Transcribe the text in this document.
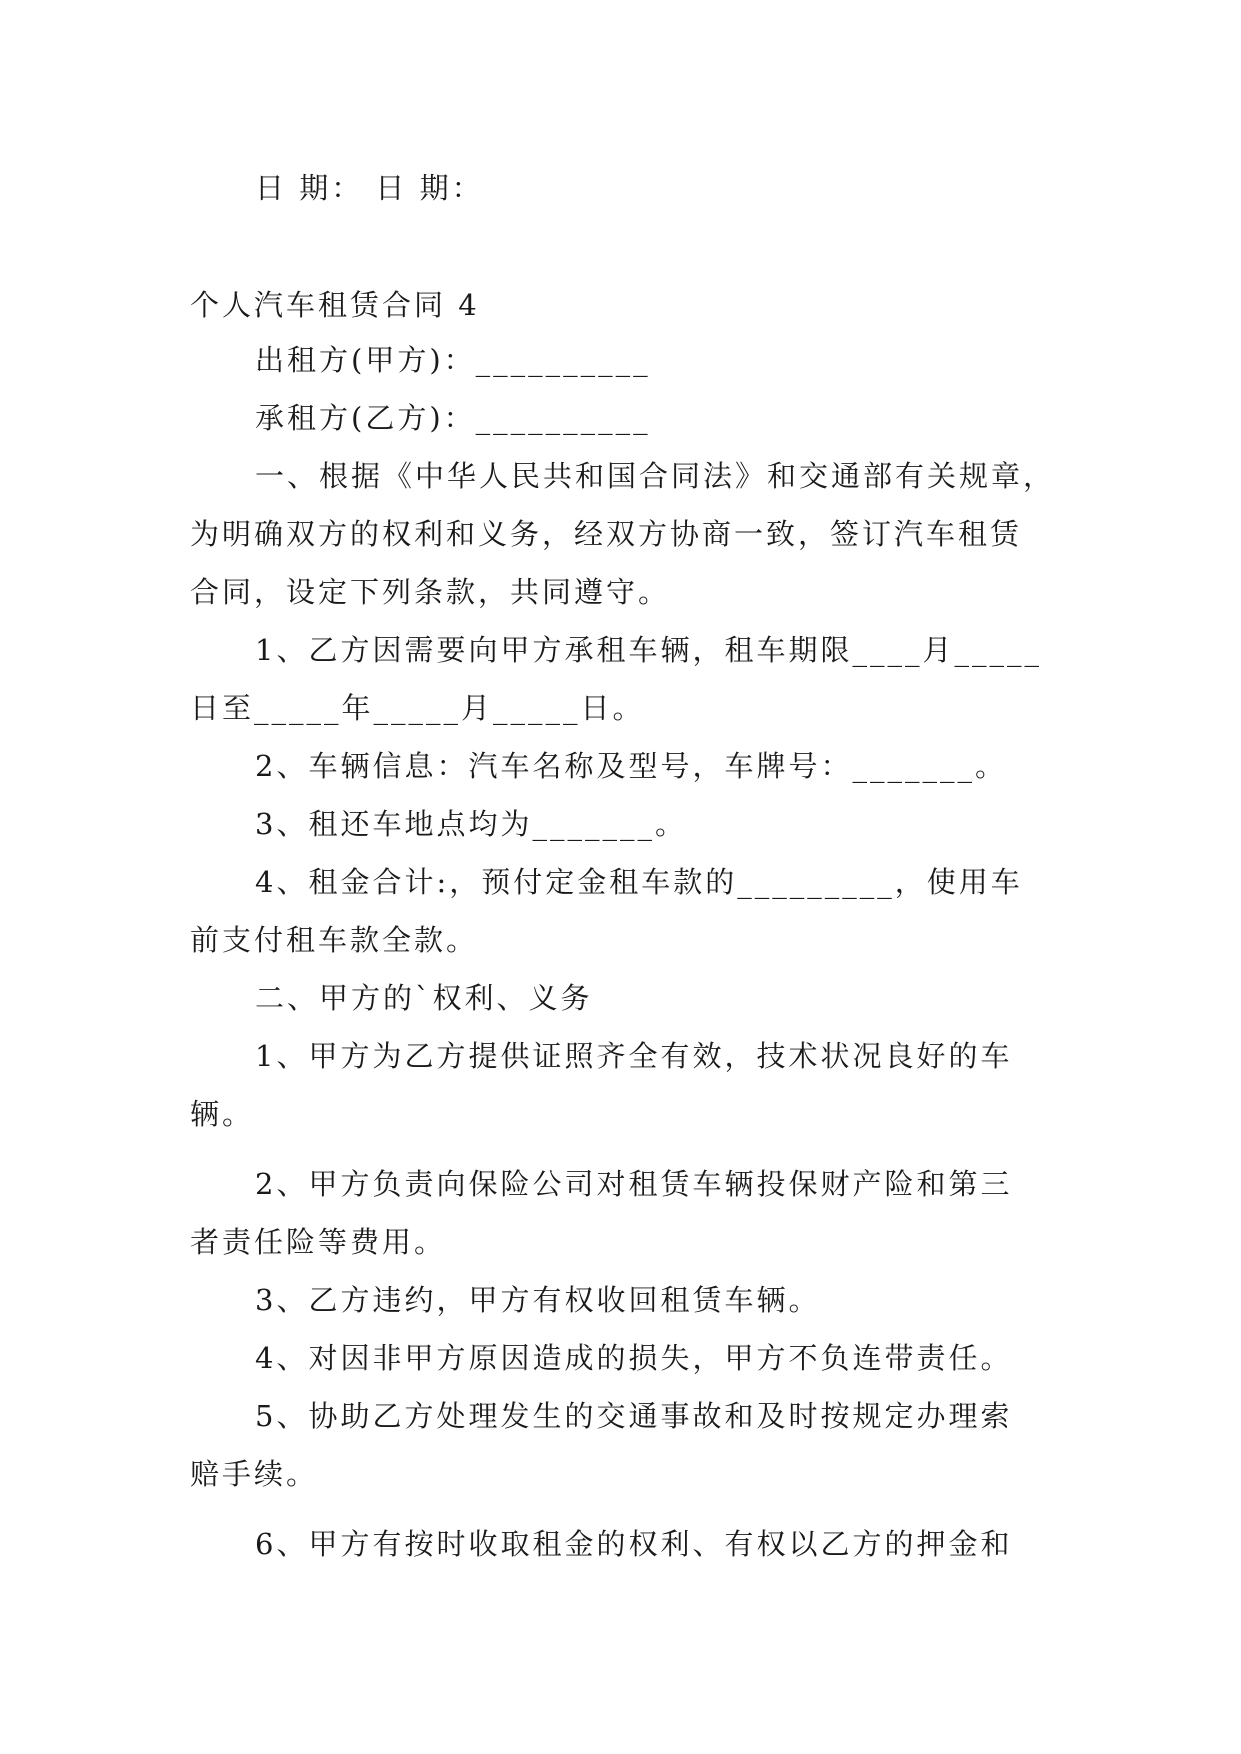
日 期： 日 期：
个人汽车租赁合同 4
出租方(甲方)：__________
承租方(乙方)：__________
一、根据《中华人民共和国合同法》和交通部有关规章，
为明确双方的权利和义务，经双方协商一致，签订汽车租赁
合同，设定下列条款，共同遵守。
1、乙方因需要向甲方承租车辆，租车期限____月_____
日至_____年_____月_____日。
2、车辆信息：汽车名称及型号，车牌号：_______。
3、租还车地点均为_______。
4、租金合计:，预付定金租车款的_________，使用车
前支付租车款全款。
二、甲方的`权利、义务
1、甲方为乙方提供证照齐全有效，技术状况良好的车
辆。
2、甲方负责向保险公司对租赁车辆投保财产险和第三
者责任险等费用。
3、乙方违约，甲方有权收回租赁车辆。
4、对因非甲方原因造成的损失，甲方不负连带责任。
5、协助乙方处理发生的交通事故和及时按规定办理索
赔手续。
6、甲方有按时收取租金的权利、有权以乙方的押金和
